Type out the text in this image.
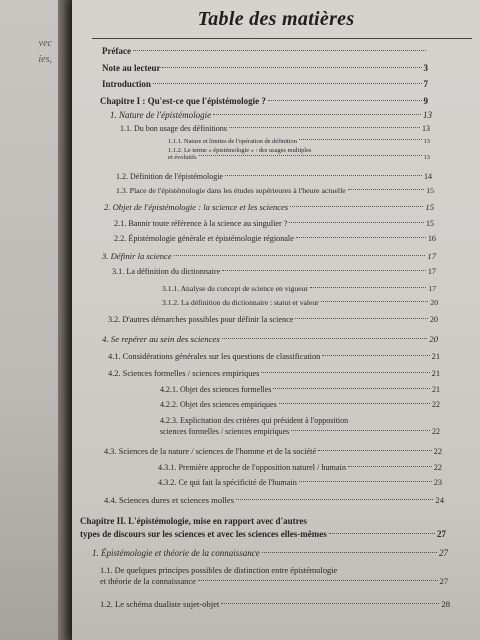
vec
ies,
Table des matières
Préface
Note au lecteur	3
Introduction	7
Chapitre I : Qu'est-ce que l'épistémologie ?	9
1. Nature de l'épistémologie	13
1.1. Du bon usage des définitions	13
1.1.1. Nature et limites de l'opération de définition	13
1.1.2. Le terme « épistémologie » : des usages multiples
et évolutifs	13
1.2. Définition de l'épistémologie	14
1.3. Place de l'épistémologie dans les études supérieures à l'heure actuelle	15
2. Objet de l'épistémologie : la science et les sciences	15
2.1. Bannir toute référence à la science au singulier ?	15
2.2. Épistémologie générale et épistémologie régionale	16
3. Définir la science	17
3.1. La définition du dictionnaire	17
3.1.1. Analyse du concept de science en vigueur	17
3.1.2. La définition du dictionnaire : statut et valeur	20
3.2. D'autres démarches possibles pour définir la science	20
4. Se repérer au sein des sciences	20
4.1. Considérations générales sur les questions de classification	21
4.2. Sciences formelles / sciences empiriques	21
4.2.1. Objet des sciences formelles	21
4.2.2. Objet des sciences empiriques	22
4.2.3. Explicitation des critères qui président à l'opposition
sciences formelles / sciences empiriques	22
4.3. Sciences de la nature / sciences de l'homme et de la société	22
4.3.1. Première approche de l'opposition naturel / humain	22
4.3.2. Ce qui fait la spécificité de l'humain	23
4.4. Sciences dures et sciences molles	24
Chapitre II. L'épistémologie, mise en rapport avec d'autres
types de discours sur les sciences et avec les sciences elles-mêmes	27
1. Épistémologie et théorie de la connaissance	27
1.1. De quelques principes possibles de distinction entre épistémologie
et théorie de la connaissance	27
1.2. Le schéma dualiste sujet-objet	28
